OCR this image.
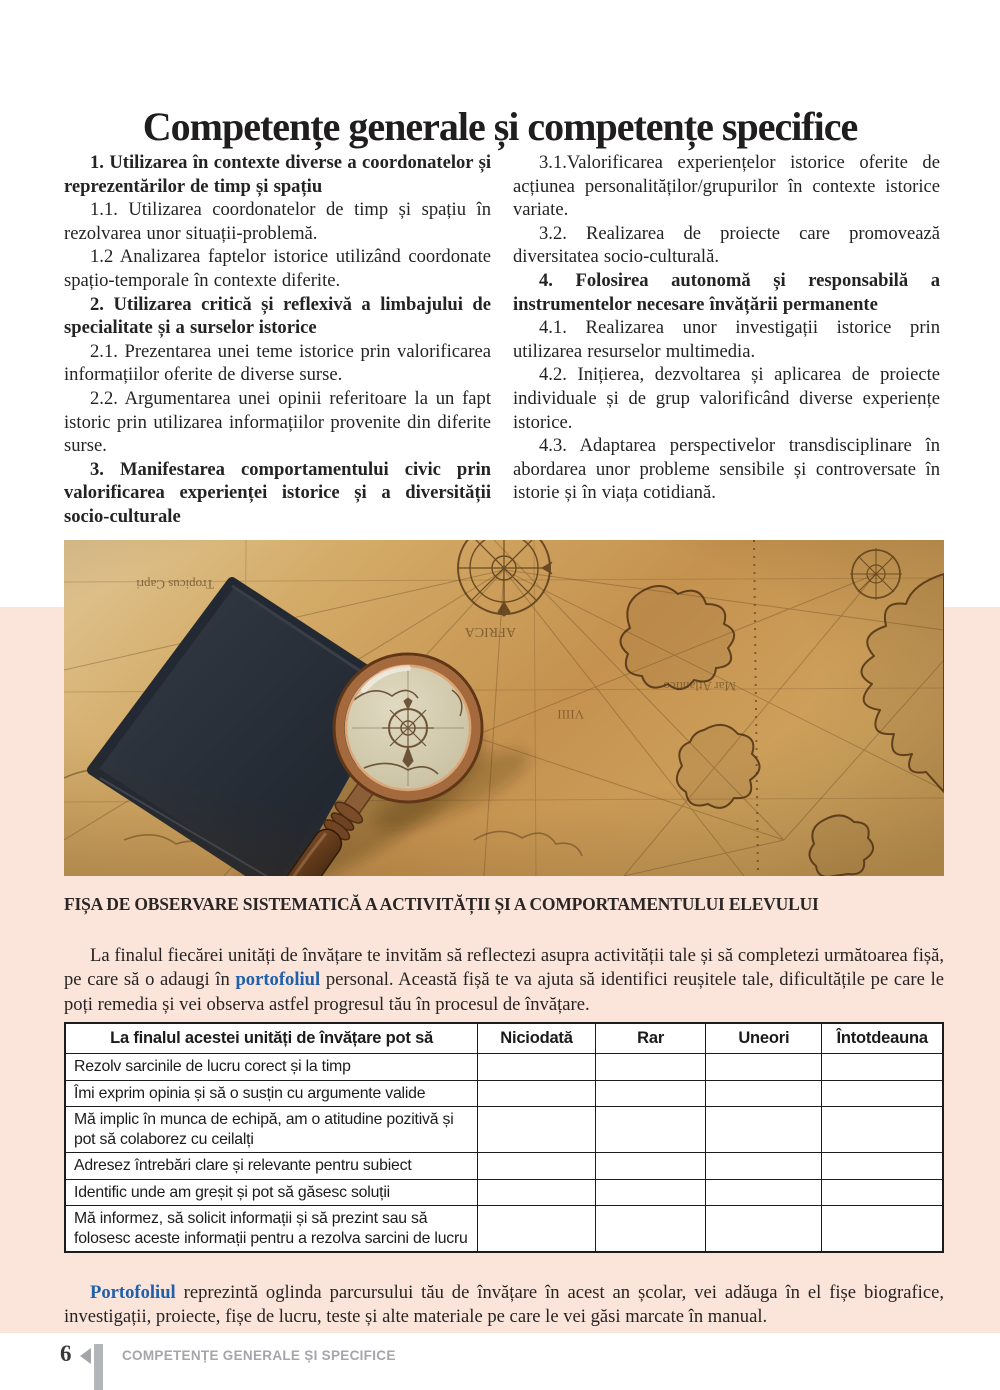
Competențe generale și competențe specifice

1. Utilizarea în contexte diverse a coordonatelor și reprezentărilor de timp și spațiu

1.1. Utilizarea coordonatelor de timp și spațiu în rezolvarea unor situații-problemă.

1.2 Analizarea faptelor istorice utilizând coordonate spațio-temporale în contexte diferite.

2. Utilizarea critică și reflexivă a limbajului de specialitate și a surselor istorice

2.1. Prezentarea unei teme istorice prin valorificarea informațiilor oferite de diverse surse.

2.2. Argumentarea unei opinii referitoare la un fapt istoric prin utilizarea informațiilor provenite din diferite surse.

3. Manifestarea comportamentului civic prin valorificarea experienței istorice și a diversității socio-culturale

3.1.Valorificarea experiențelor istorice oferite de acțiunea personalităților/grupurilor în contexte istorice variate.

3.2. Realizarea de proiecte care promovează diversitatea socio-culturală.

4. Folosirea autonomă și responsabilă a instrumentelor necesare învățării permanente

4.1. Realizarea unor investigații istorice prin utilizarea resurselor multimedia.

4.2. Inițierea, dezvoltarea și aplicarea de proiecte individuale și de grup valorificând diverse experiențe istorice.

4.3. Adaptarea perspectivelor transdisciplinare în abordarea unor probleme sensibile și controversate în istorie și în viața cotidiană.

FIȘA DE OBSERVARE SISTEMATICĂ A ACTIVITĂȚII ȘI A COMPORTAMENTULUI ELEVULUI

La finalul fiecărei unități de învățare te invităm să reflectezi asupra activității tale și să completezi următoarea fișă, pe care să o adaugi în portofoliul personal. Această fișă te va ajuta să identifici reușitele tale, dificultățile pe care le poți remedia și vei observa astfel progresul tău în procesul de învățare.

La finalul acestei unități de învățare pot să	Niciodată	Rar	Uneori	Întotdeauna
Rezolv sarcinile de lucru corect și la timp				
Îmi exprim opinia și să o susțin cu argumente valide				
Mă implic în munca de echipă, am o atitudine pozitivă și pot să colaborez cu ceilalți				
Adresez întrebări clare și relevante pentru subiect				
Identific unde am greșit și pot să găsesc soluții				
Mă informez, să solicit informații și să prezint sau să folosesc aceste informații pentru a rezolva sarcini de lucru				

Portofoliul reprezintă oglinda parcursului tău de învățare în acest an școlar, vei adăuga în el fișe biografice, investigații, proiecte, fișe de lucru, teste și alte materiale pe care le vei găsi marcate în manual.

6	COMPETENȚE GENERALE ȘI SPECIFICE
